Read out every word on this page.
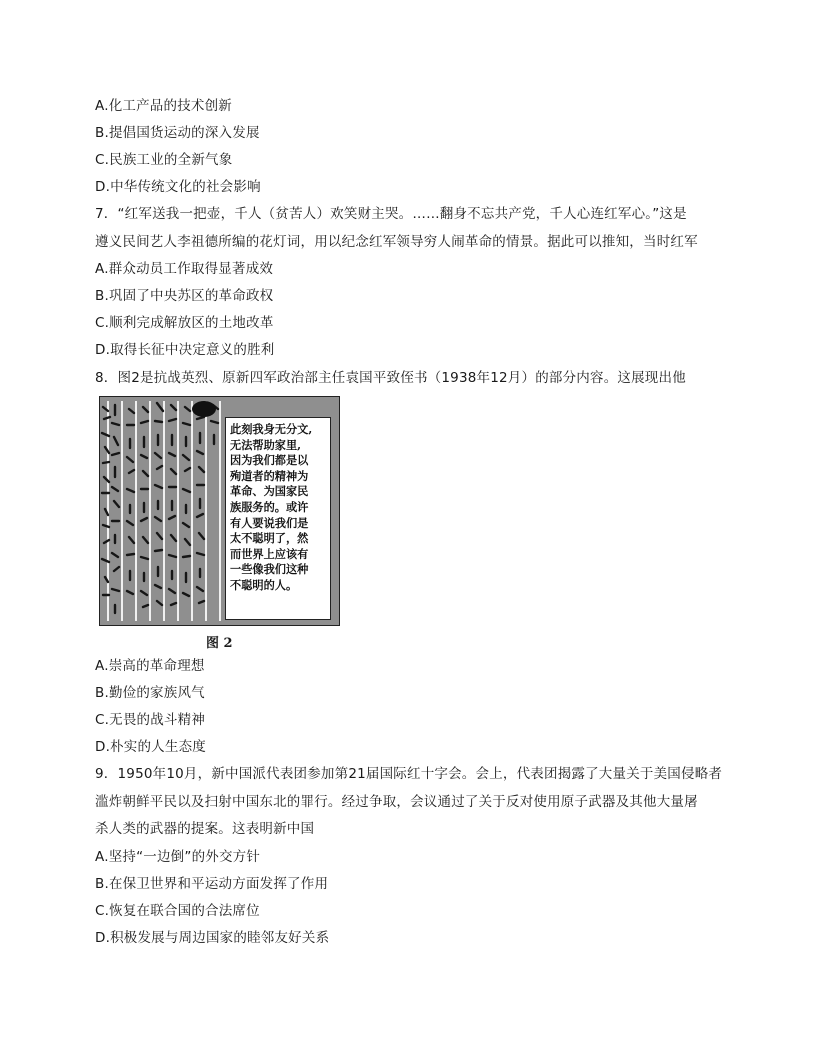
A.化工产品的技术创新
B.提倡国货运动的深入发展
C.民族工业的全新气象
D.中华传统文化的社会影响
7．“红军送我一把壶，千人（贫苦人）欢笑财主哭。……翻身不忘共产党，千人心连红军心。”这是
遵义民间艺人李祖德所编的花灯词，用以纪念红军领导穷人闹革命的情景。据此可以推知，当时红军
A.群众动员工作取得显著成效
B.巩固了中央苏区的革命政权
C.顺利完成解放区的土地改革
D.取得长征中决定意义的胜利
8．图2是抗战英烈、原新四军政治部主任袁国平致侄书（1938年12月）的部分内容。这展现出他
此刻我身无分文,
无法帮助家里,
因为我们都是以
殉道者的精神为
革命、为国家民
族服务的。或许
有人要说我们是
太不聪明了，然
而世界上应该有
一些像我们这种
不聪明的人。
图 2
A.崇高的革命理想
B.勤俭的家族风气
C.无畏的战斗精神
D.朴实的人生态度
9．1950年10月，新中国派代表团参加第21届国际红十字会。会上，代表团揭露了大量关于美国侵略者
滥炸朝鲜平民以及扫射中国东北的罪行。经过争取，会议通过了关于反对使用原子武器及其他大量屠
杀人类的武器的提案。这表明新中国
A.坚持“一边倒”的外交方针
B.在保卫世界和平运动方面发挥了作用
C.恢复在联合国的合法席位
D.积极发展与周边国家的睦邻友好关系
